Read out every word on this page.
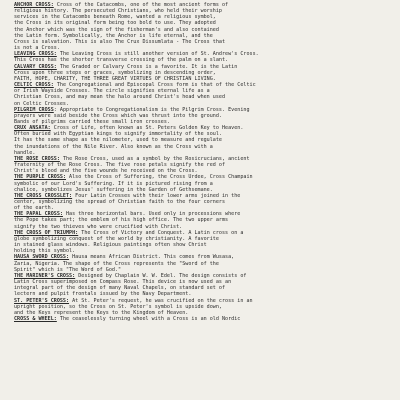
ANCHOR CROSS: Cross of the Catacombs, one of the most ancient forms of
religious history. The persecuted Christians, who held their worship
services in the Catacombs beneath Rome, wanted a religious symbol,
the Cross in its original form being too bold to use. They adopted
the Anchor which was the sign of the fisherman's and also contained
the Latin form. Symbolically, the Anchor is life eternal, and the
Cross is salvation. This is also The Crux Dissumlata - The Cross that
is not a Cross.
LEAVING CROSS: The Leaving Cross is still another version of St. Andrew's Cross.
This Cross has the shorter transverse crossing of the palm on a slant.
CALVARY CROSS: The Graded or Calvary Cross is a favorite. It is the Latin
Cross upon three steps or graces, symbolizing in descending order,
FAITH, HOPE, CHARITY, THE THREE GREAT VIRTUES OF CHRISTIAN LIVING.
CELTIC CROSS: The Congregational and Episcopal Cross form is that of the Celtic
or Irish Wayside Crosses. The circle signifies eternal life as a
Christian Cross, and may mean the halo around Christ's head when used
on Celtic Crosses.
PILGRIM CROSS: Appropriate to Congregationalism is the Pilgrim Cross. Evening
prayers were said beside the Cross which was thrust into the ground.
Bands of pilgrims carried these small iron crosses.
CRUX ANSATA: Cross of Life, often known as St. Peters Golden Key to Heaven.
Often buried with Egyptian kings to signify immortality of the soul.
It has the same shape as the nilometer, used to measure and regulate
the inundations of the Nile River. Also known as the Cross with a
handle.
THE ROSE CROSS: The Rose Cross, used as a symbol by the Rosicrucians, ancient
fraternity of the Rose Cross. The five rose petals signify the red of
Christ's blood and the five wounds he received on the Cross.
THE PURPLE CROSS: Also the Cross of Suffering, the Cross Urdee, Cross Champain
symbolic of our Lord's Suffering. If it is pictured rising from a
chalice, symbolizes Jesus' suffering in the Garden of Gethsemane.
THE CROSS CROSSLET: Four Latin Crosses with their lower arms joined in the
center, symbolizing the spread of Christian faith to the four corners
of the earth.
THE PAPAL CROSS: Has three horizontal bars. Used only in processions where
the Pope takes part; the emblem of his high office. The two upper arms
signify the two thieves who were crucified with Christ.
THE CROSS OF TRIUMPH: The Cross of Victory and Conquest. A Latin cross on a
globe symbolizing conquest of the world by christianity. A favorite
in stained glass windows. Religious paintings often show Christ
holding this symbol.
HAUSA SWORD CROSS: Hausa means African District. This comes from Wusasa,
Zaria, Nigeria. The shape of the Cross represents the "Sword of the
Spirit" which is "The Word of God."
THE MARINER'S CROSS: Designed by Chaplain W. W. Edel. The design consists of
Latin Cross superimposed on Compass Rose. This device is now used as an
integral part of the design of many Naval Chapels, on standard set of
lectern and pulpit frontals issued by the Navy Department.
ST. PETER'S CROSS: At St. Peter's request, he was crucified on the cross in an
upright position, so the Cross on St. Peter's symbol is upside down,
and the Keys represent the Keys to the Kingdom of Heaven.
CROSS & WHEEL: The ceaselessly turning wheel with a Cross is an old Nordic
